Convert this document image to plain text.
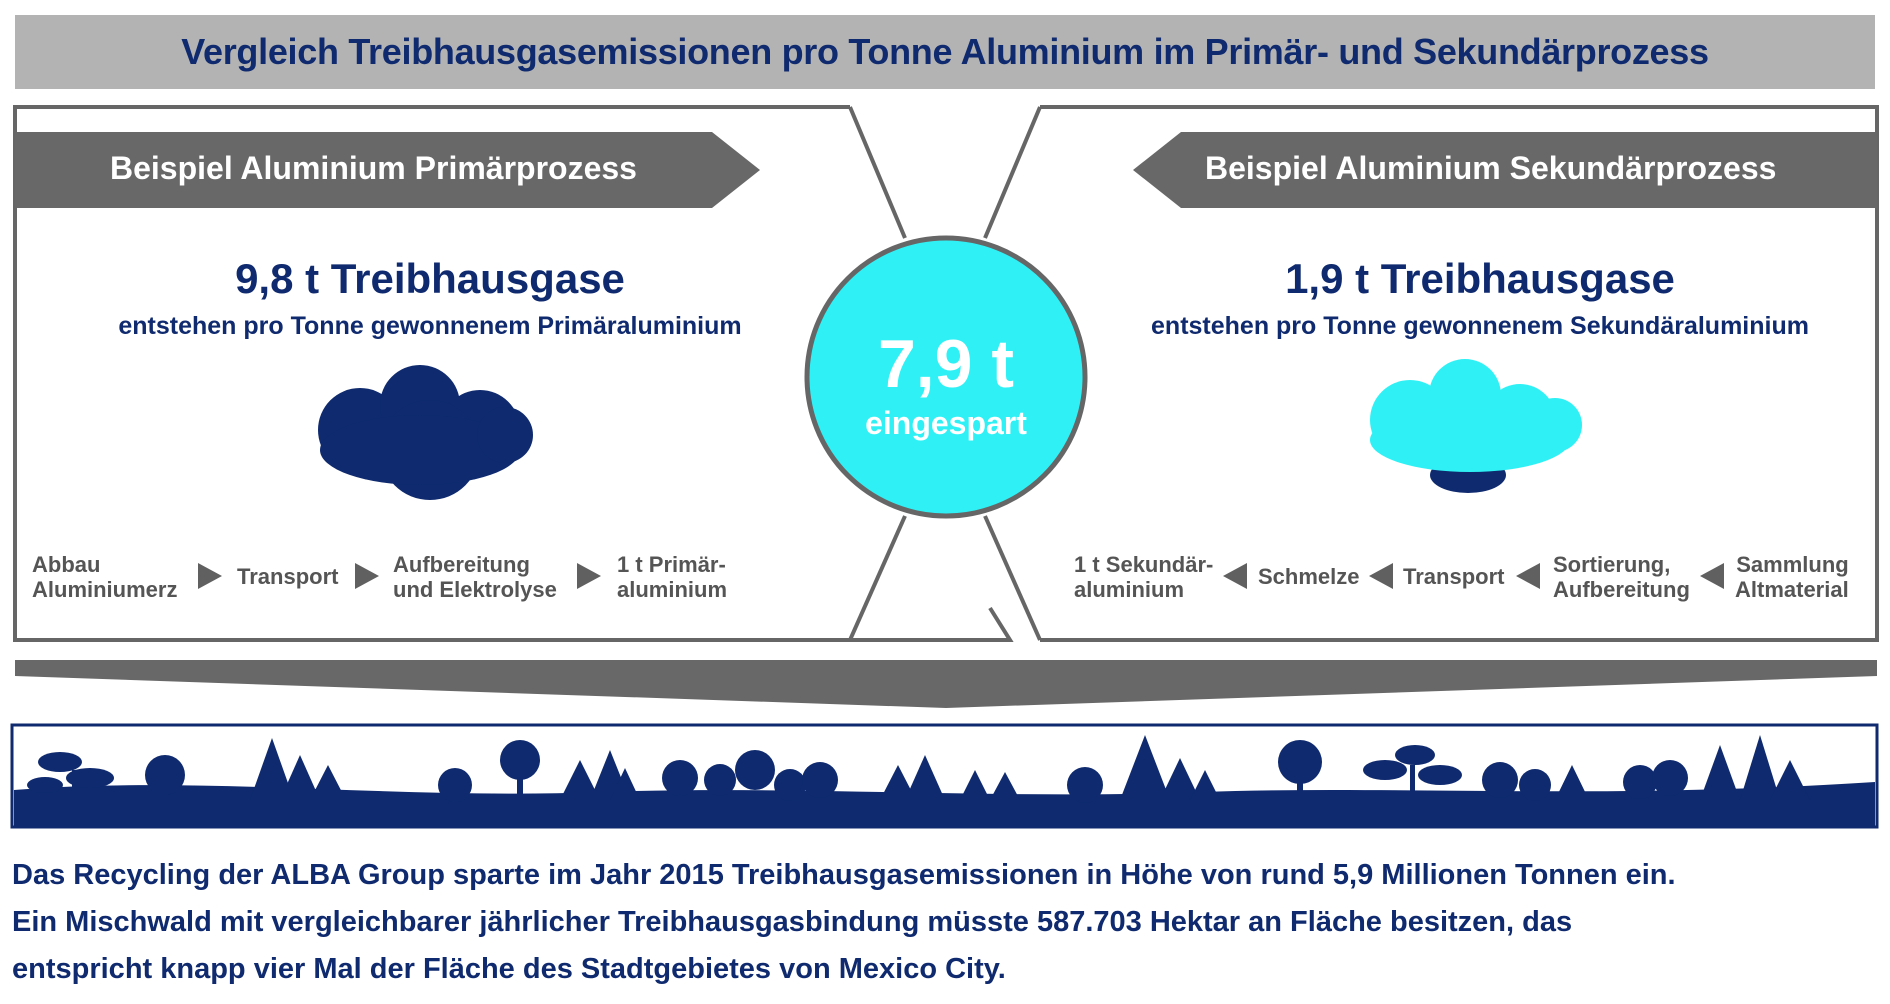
Vergleich Treibhausgasemissionen pro Tonne Aluminium im Primär- und Sekundärprozess
Beispiel Aluminium Primärprozess	Beispiel Aluminium Sekundärprozess
9,8 t Treibhausgase
entstehen pro Tonne gewonnenem Primäraluminium
1,9 t Treibhausgase
entstehen pro Tonne gewonnenem Sekundäraluminium
7,9 t
eingespart
Abbau
Aluminiumerz
Transport Aufbereitung
und Elektrolyse
1 t Primär-
aluminium
1 t Sekundär-
aluminium
Schmelze Transport Sortierung,
Aufbereitung
Sammlung
Altmaterial
Das Recycling der ALBA Group sparte im Jahr 2015 Treibhausgasemissionen in Höhe von rund 5,9 Millionen Tonnen ein.
Ein Mischwald mit vergleichbarer jährlicher Treibhausgasbindung müsste 587.703 Hektar an Fläche besitzen, das
entspricht knapp vier Mal der Fläche des Stadtgebietes von Mexico City.
